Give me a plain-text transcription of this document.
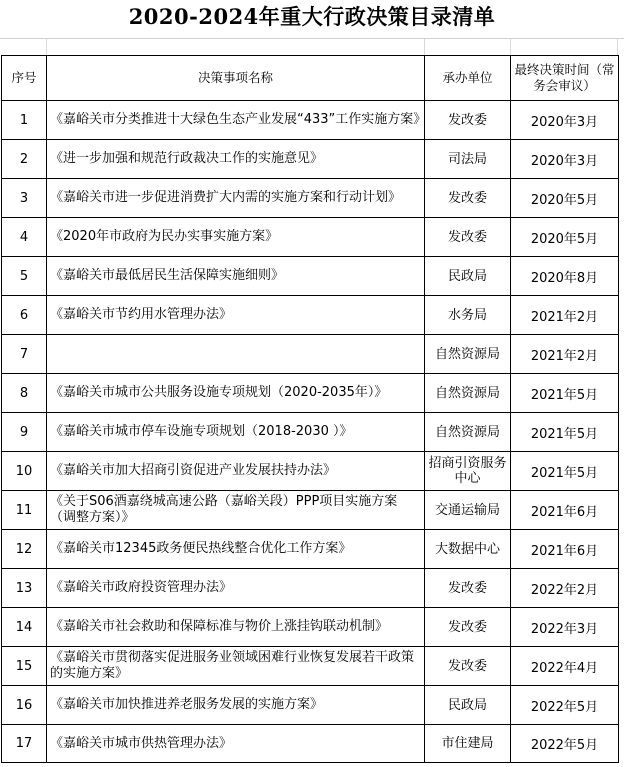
2020-2024年重大行政决策目录清单
序号	决策事项名称	承办单位	最终决策时间（常务会审议）
1	《嘉峪关市分类推进十大绿色生态产业发展“433”工作实施方案》	发改委	2020年3月
2	《进一步加强和规范行政裁决工作的实施意见》	司法局	2020年3月
3	《嘉峪关市进一步促进消费扩大内需的实施方案和行动计划》	发改委	2020年5月
4	《2020年市政府为民办实事实施方案》	发改委	2020年5月
5	《嘉峪关市最低居民生活保障实施细则》	民政局	2020年8月
6	《嘉峪关市节约用水管理办法》	水务局	2021年2月
7		自然资源局	2021年2月
8	《嘉峪关市城市公共服务设施专项规划（2020-2035年）》	自然资源局	2021年5月
9	《嘉峪关市城市停车设施专项规划（2018-2030 ）》	自然资源局	2021年5月
10	《嘉峪关市加大招商引资促进产业发展扶持办法》	招商引资服务中心	2021年5月
11	《关于S06酒嘉绕城高速公路（嘉峪关段）PPP项目实施方案（调整方案）》	交通运输局	2021年6月
12	《嘉峪关市12345政务便民热线整合优化工作方案》	大数据中心	2021年6月
13	《嘉峪关市政府投资管理办法》	发改委	2022年2月
14	《嘉峪关市社会救助和保障标准与物价上涨挂钩联动机制》	发改委	2022年3月
15	《嘉峪关市贯彻落实促进服务业领域困难行业恢复发展若干政策的实施方案》	发改委	2022年4月
16	《嘉峪关市加快推进养老服务发展的实施方案》	民政局	2022年5月
17	《嘉峪关市城市供热管理办法》	市住建局	2022年5月
